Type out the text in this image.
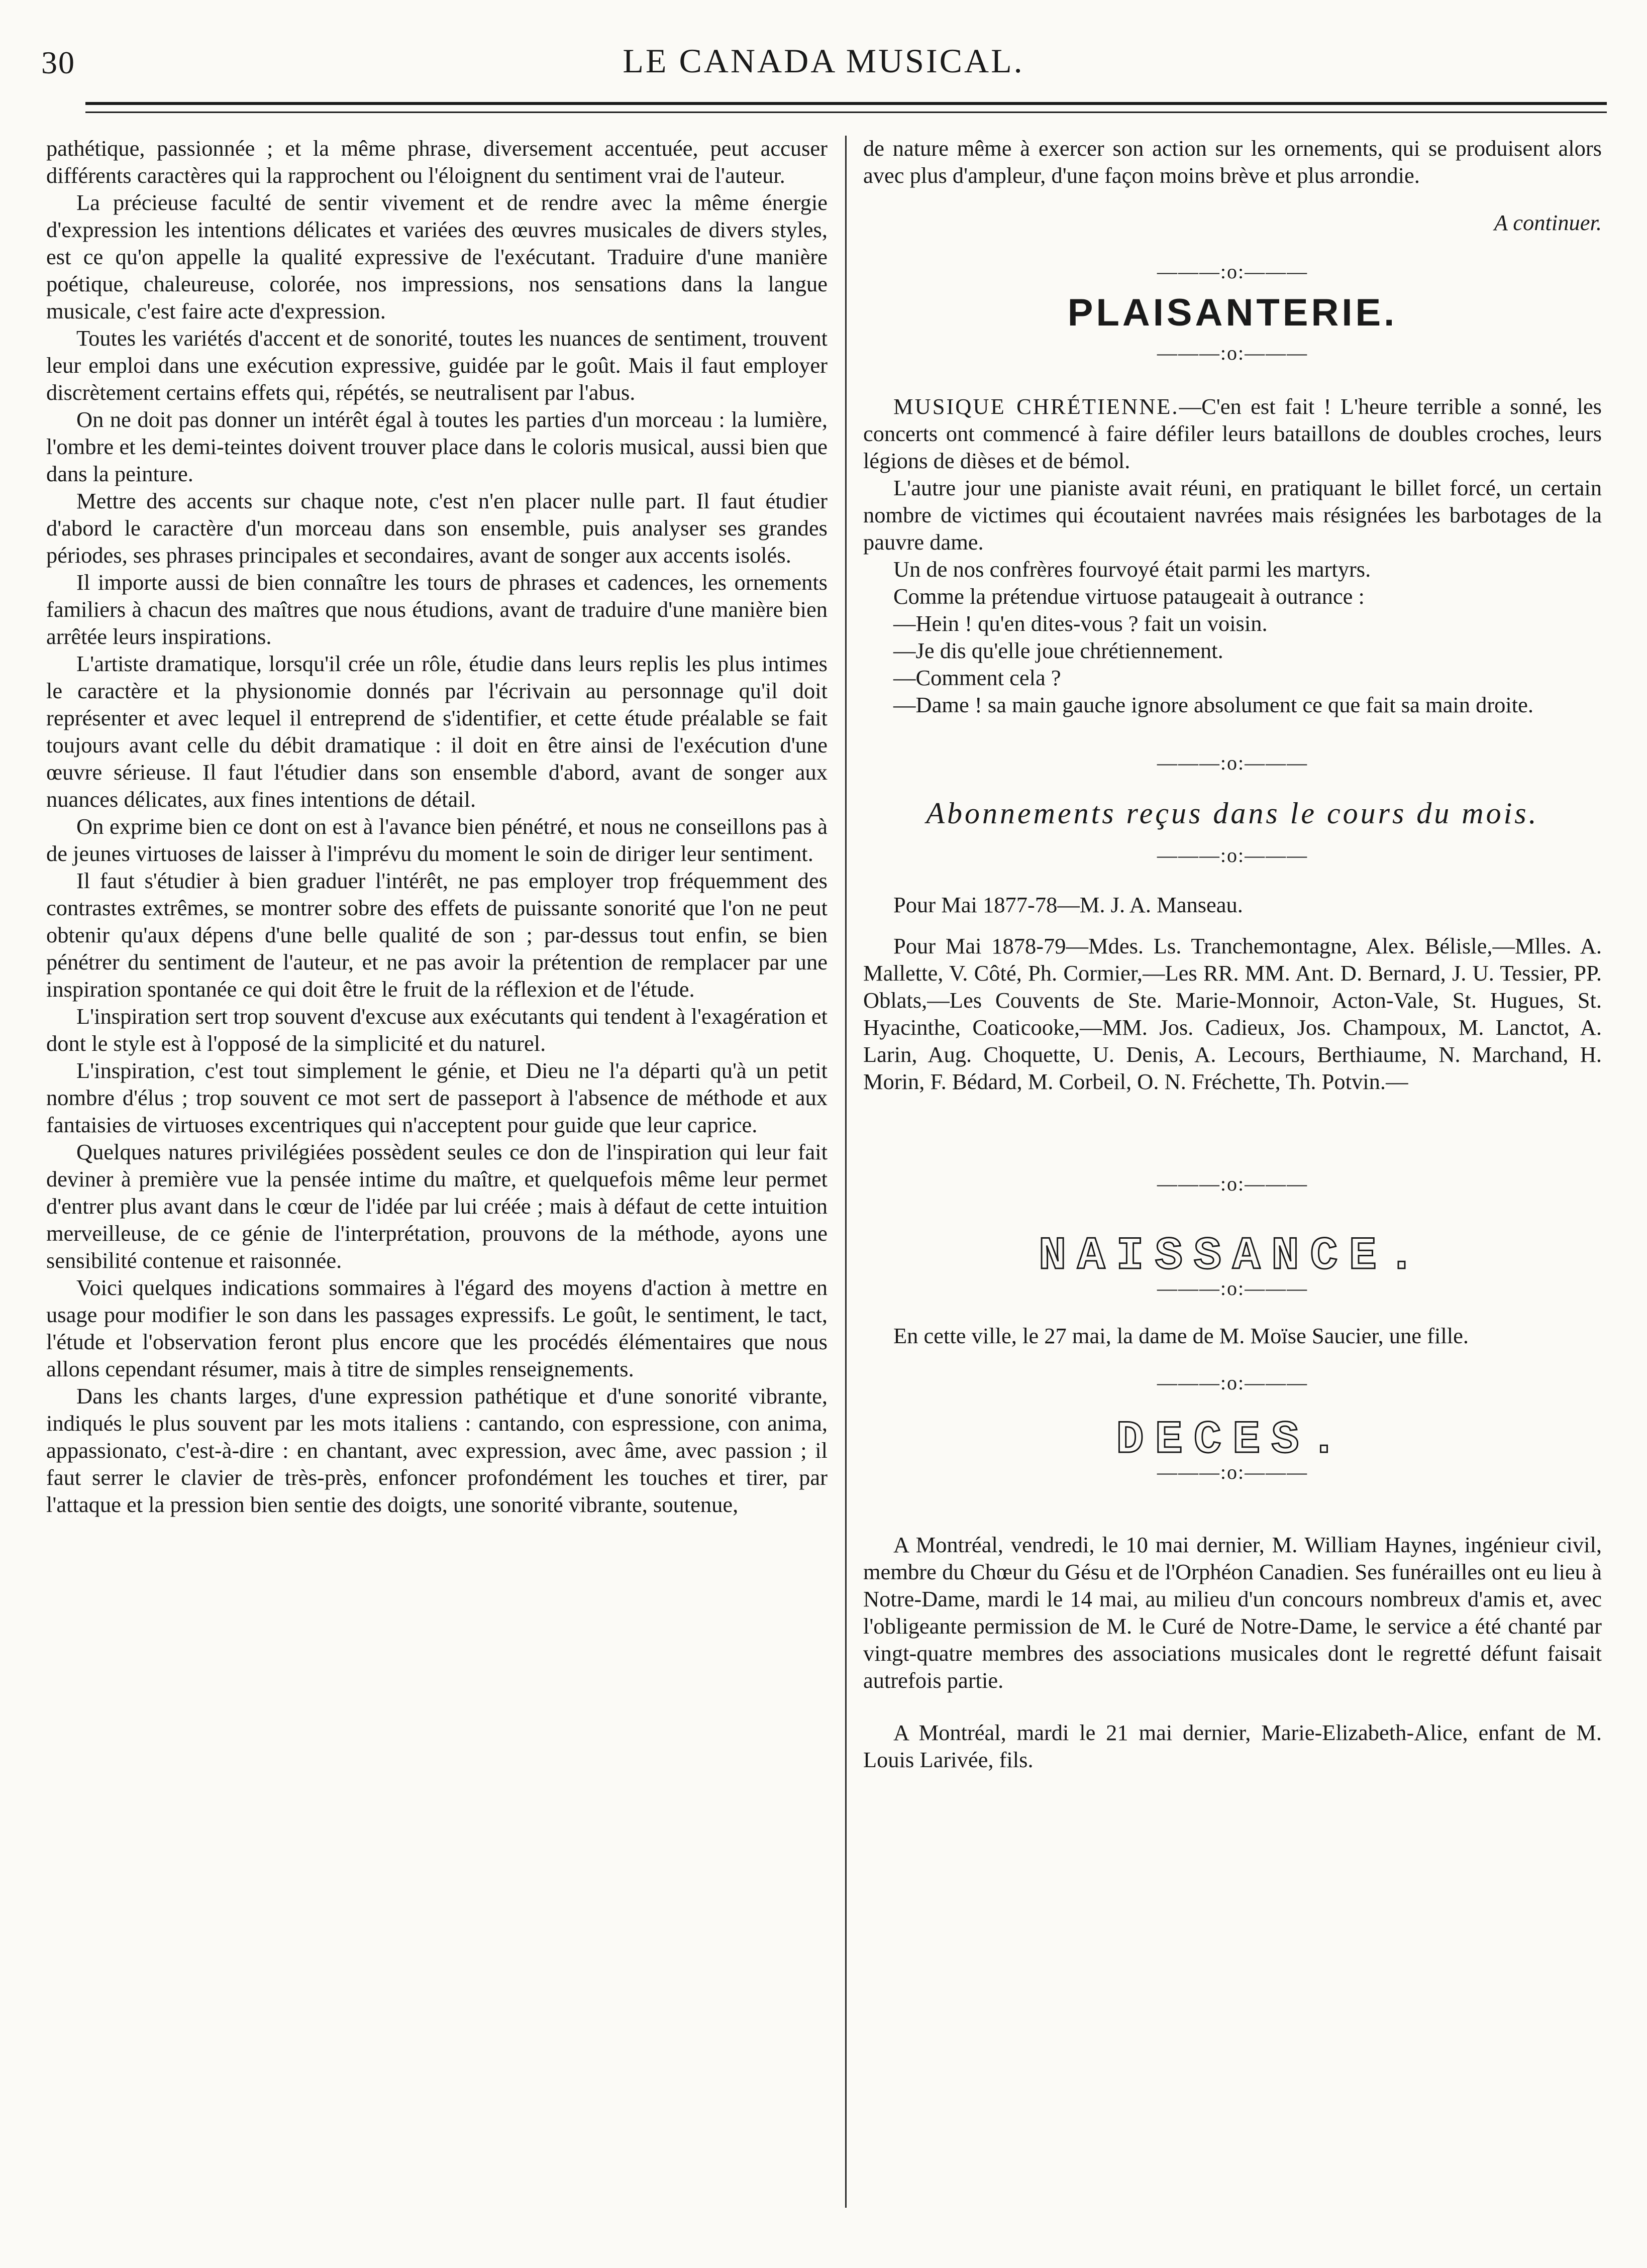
30	LE CANADA MUSICAL.

pathétique, passionnée ; et la même phrase, diversement accentuée, peut accuser différents caractères qui la rapprochent ou l'éloignent du sentiment vrai de l'auteur.

La précieuse faculté de sentir vivement et de rendre avec la même énergie d'expression les intentions délicates et variées des œuvres musicales de divers styles, est ce qu'on appelle la qualité expressive de l'exécutant. Traduire d'une manière poétique, chaleureuse, colorée, nos impressions, nos sensations dans la langue musicale, c'est faire acte d'expression.

Toutes les variétés d'accent et de sonorité, toutes les nuances de sentiment, trouvent leur emploi dans une exécution expressive, guidée par le goût. Mais il faut employer discrètement certains effets qui, répétés, se neutralisent par l'abus.

On ne doit pas donner un intérêt égal à toutes les parties d'un morceau : la lumière, l'ombre et les demi-teintes doivent trouver place dans le coloris musical, aussi bien que dans la peinture.

Mettre des accents sur chaque note, c'est n'en placer nulle part. Il faut étudier d'abord le caractère d'un morceau dans son ensemble, puis analyser ses grandes périodes, ses phrases principales et secondaires, avant de songer aux accents isolés.

Il importe aussi de bien connaître les tours de phrases et cadences, les ornements familiers à chacun des maîtres que nous étudions, avant de traduire d'une manière bien arrêtée leurs inspirations.

L'artiste dramatique, lorsqu'il crée un rôle, étudie dans leurs replis les plus intimes le caractère et la physionomie donnés par l'écrivain au personnage qu'il doit représenter et avec lequel il entreprend de s'identifier, et cette étude préalable se fait toujours avant celle du débit dramatique : il doit en être ainsi de l'exécution d'une œuvre sérieuse. Il faut l'étudier dans son ensemble d'abord, avant de songer aux nuances délicates, aux fines intentions de détail.

On exprime bien ce dont on est à l'avance bien pénétré, et nous ne conseillons pas à de jeunes virtuoses de laisser à l'imprévu du moment le soin de diriger leur sentiment.

Il faut s'étudier à bien graduer l'intérêt, ne pas employer trop fréquemment des contrastes extrêmes, se montrer sobre des effets de puissante sonorité que l'on ne peut obtenir qu'aux dépens d'une belle qualité de son ; par-dessus tout enfin, se bien pénétrer du sentiment de l'auteur, et ne pas avoir la prétention de remplacer par une inspiration spontanée ce qui doit être le fruit de la réflexion et de l'étude.

L'inspiration sert trop souvent d'excuse aux exécutants qui tendent à l'exagération et dont le style est à l'opposé de la simplicité et du naturel.

L'inspiration, c'est tout simplement le génie, et Dieu ne l'a départi qu'à un petit nombre d'élus ; trop souvent ce mot sert de passeport à l'absence de méthode et aux fantaisies de virtuoses excentriques qui n'acceptent pour guide que leur caprice.

Quelques natures privilégiées possèdent seules ce don de l'inspiration qui leur fait deviner à première vue la pensée intime du maître, et quelquefois même leur permet d'entrer plus avant dans le cœur de l'idée par lui créée ; mais à défaut de cette intuition merveilleuse, de ce génie de l'interprétation, prouvons de la méthode, ayons une sensibilité contenue et raisonnée.

Voici quelques indications sommaires à l'égard des moyens d'action à mettre en usage pour modifier le son dans les passages expressifs. Le goût, le sentiment, le tact, l'étude et l'observation feront plus encore que les procédés élémentaires que nous allons cependant résumer, mais à titre de simples renseignements.

Dans les chants larges, d'une expression pathétique et d'une sonorité vibrante, indiqués le plus souvent par les mots italiens : cantando, con espressione, con anima, appassionato, c'est-à-dire : en chantant, avec expression, avec âme, avec passion ; il faut serrer le clavier de très-près, enfoncer profondément les touches et tirer, par l'attaque et la pression bien sentie des doigts, une sonorité vibrante, soutenue,

de nature même à exercer son action sur les ornements, qui se produisent alors avec plus d'ampleur, d'une façon moins brève et plus arrondie.

A continuer.
———:o:———
PLAISANTERIE.
———:o:———

MUSIQUE CHRÉTIENNE.—C'en est fait ! L'heure terrible a sonné, les concerts ont commencé à faire défiler leurs bataillons de doubles croches, leurs légions de dièses et de bémol.

L'autre jour une pianiste avait réuni, en pratiquant le billet forcé, un certain nombre de victimes qui écoutaient navrées mais résignées les barbotages de la pauvre dame.

Un de nos confrères fourvoyé était parmi les martyrs.

Comme la prétendue virtuose pataugeait à outrance :

—Hein ! qu'en dites-vous ? fait un voisin.

—Je dis qu'elle joue chrétiennement.

—Comment cela ?

—Dame ! sa main gauche ignore absolument ce que fait sa main droite.

———:o:———
Abonnements reçus dans le cours du mois.
———:o:———

Pour Mai 1877-78—M. J. A. Manseau.

Pour Mai 1878-79—Mdes. Ls. Tranchemontagne, Alex. Bélisle,—Mlles. A. Mallette, V. Côté, Ph. Cormier,—Les RR. MM. Ant. D. Bernard, J. U. Tessier, PP. Oblats,—Les Couvents de Ste. Marie-Monnoir, Acton-Vale, St. Hugues, St. Hyacinthe, Coaticooke,—MM. Jos. Cadieux, Jos. Champoux, M. Lanctot, A. Larin, Aug. Choquette, U. Denis, A. Lecours, Berthiaume, N. Marchand, H. Morin, F. Bédard, M. Corbeil, O. N. Fréchette, Th. Potvin.—

———:o:———
NAISSANCE.
———:o:———

En cette ville, le 27 mai, la dame de M. Moïse Saucier, une fille.

———:o:———
DECES.
———:o:———

A Montréal, vendredi, le 10 mai dernier, M. William Haynes, ingénieur civil, membre du Chœur du Gésu et de l'Orphéon Canadien. Ses funérailles ont eu lieu à Notre-Dame, mardi le 14 mai, au milieu d'un concours nombreux d'amis et, avec l'obligeante permission de M. le Curé de Notre-Dame, le service a été chanté par vingt-quatre membres des associations musicales dont le regretté défunt faisait autrefois partie.

A Montréal, mardi le 21 mai dernier, Marie-Elizabeth-Alice, enfant de M. Louis Larivée, fils.
